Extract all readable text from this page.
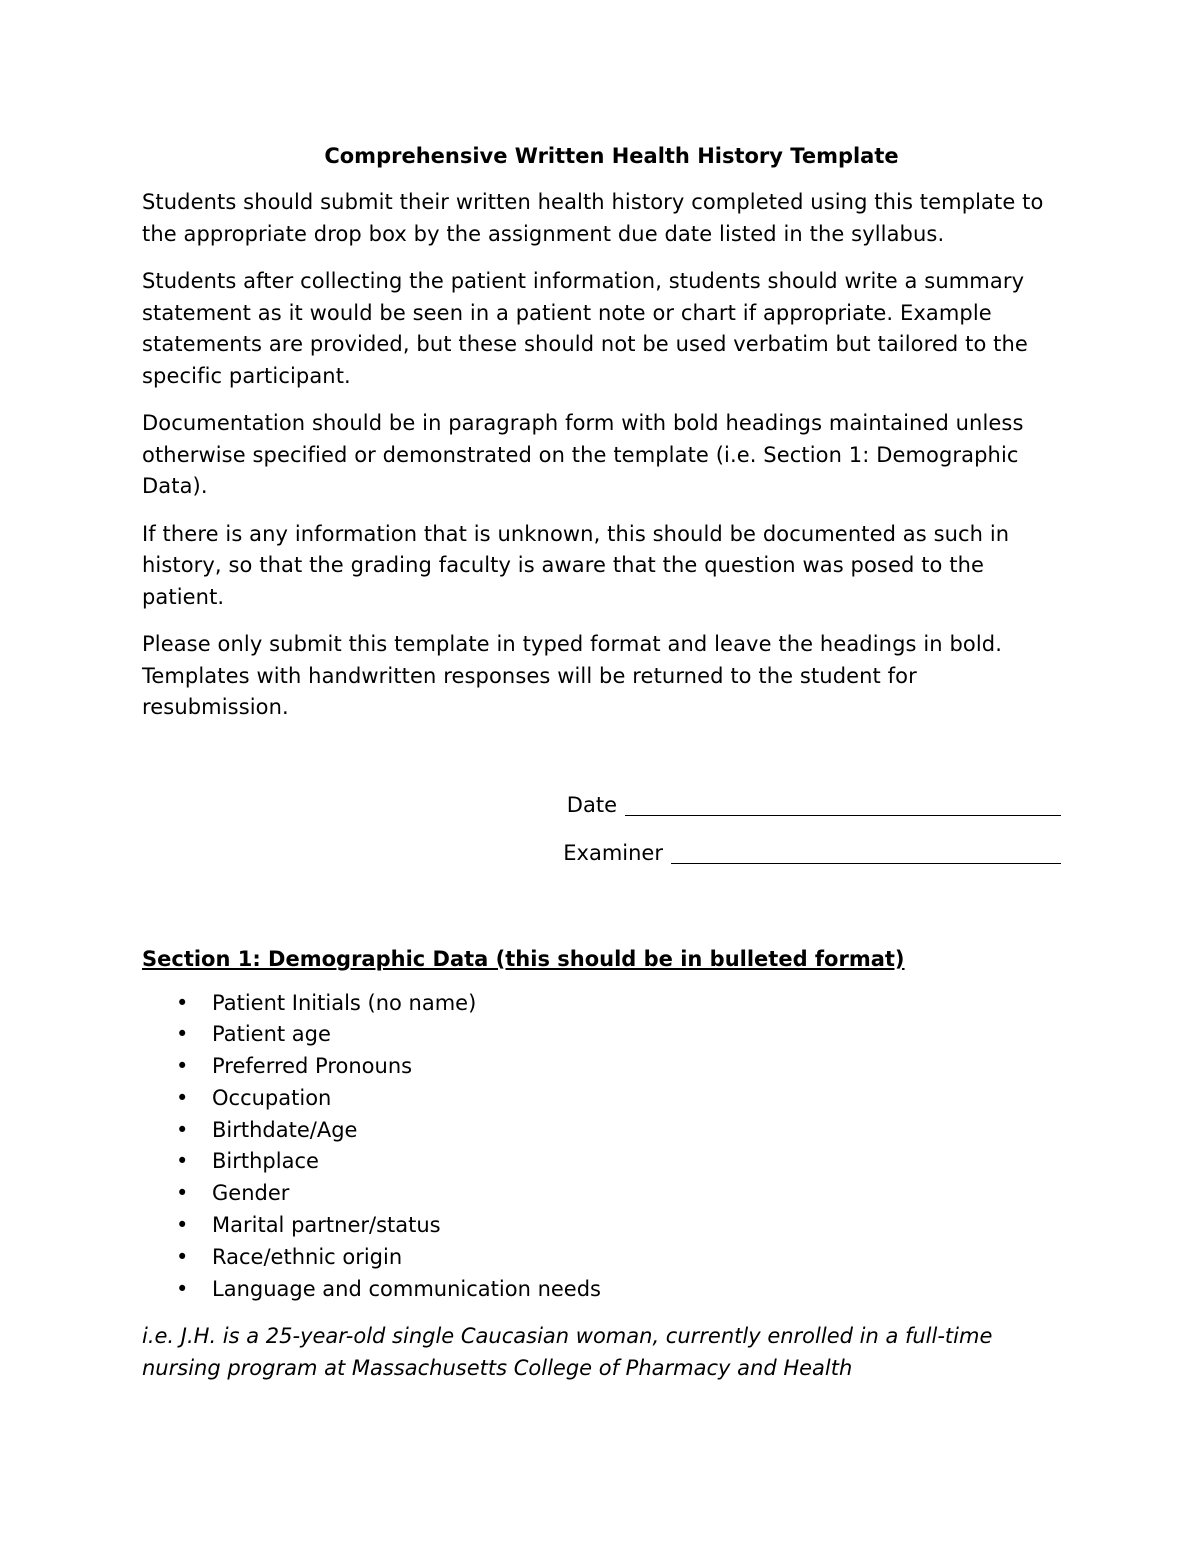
Comprehensive Written Health History Template

Students should submit their written health history completed using this template to the appropriate drop box by the assignment due date listed in the syllabus.

Students after collecting the patient information, students should write a summary statement as it would be seen in a patient note or chart if appropriate. Example statements are provided, but these should not be used verbatim but tailored to the specific participant.

Documentation should be in paragraph form with bold headings maintained unless otherwise specified or demonstrated on the template (i.e. Section 1: Demographic Data).

If there is any information that is unknown, this should be documented as such in history, so that the grading faculty is aware that the question was posed to the patient.

Please only submit this template in typed format and leave the headings in bold. Templates with handwritten responses will be returned to the student for resubmission.

Date
Examiner
Section 1: Demographic Data (this should be in bulleted format)
•	Patient Initials (no name)
•	Patient age
•	Preferred Pronouns
•	Occupation
•	Birthdate/Age
•	Birthplace
•	Gender
•	Marital partner/status
•	Race/ethnic origin
•	Language and communication needs
i.e. J.H. is a 25-year-old single Caucasian woman, currently enrolled in a full-time nursing program at Massachusetts College of Pharmacy and Health
